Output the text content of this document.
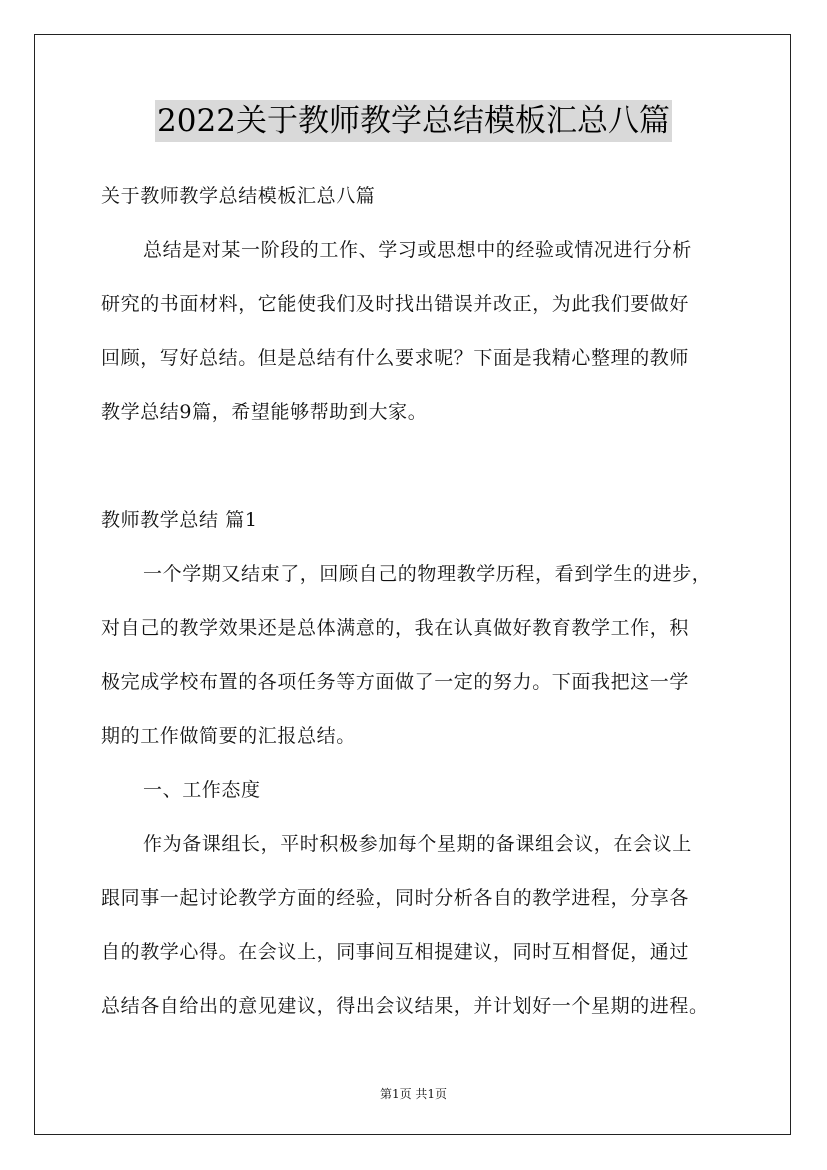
2022关于教师教学总结模板汇总八篇
关于教师教学总结模板汇总八篇
总结是对某一阶段的工作、学习或思想中的经验或情况进行分析
研究的书面材料，它能使我们及时找出错误并改正，为此我们要做好
回顾，写好总结。但是总结有什么要求呢？下面是我精心整理的教师
教学总结9篇，希望能够帮助到大家。
教师教学总结 篇1
一个学期又结束了，回顾自己的物理教学历程，看到学生的进步，
对自己的教学效果还是总体满意的，我在认真做好教育教学工作，积
极完成学校布置的各项任务等方面做了一定的努力。下面我把这一学
期的工作做简要的汇报总结。
一、工作态度
作为备课组长，平时积极参加每个星期的备课组会议，在会议上
跟同事一起讨论教学方面的经验，同时分析各自的教学进程，分享各
自的教学心得。在会议上，同事间互相提建议，同时互相督促，通过
总结各自给出的意见建议，得出会议结果，并计划好一个星期的进程。
第1页 共1页
